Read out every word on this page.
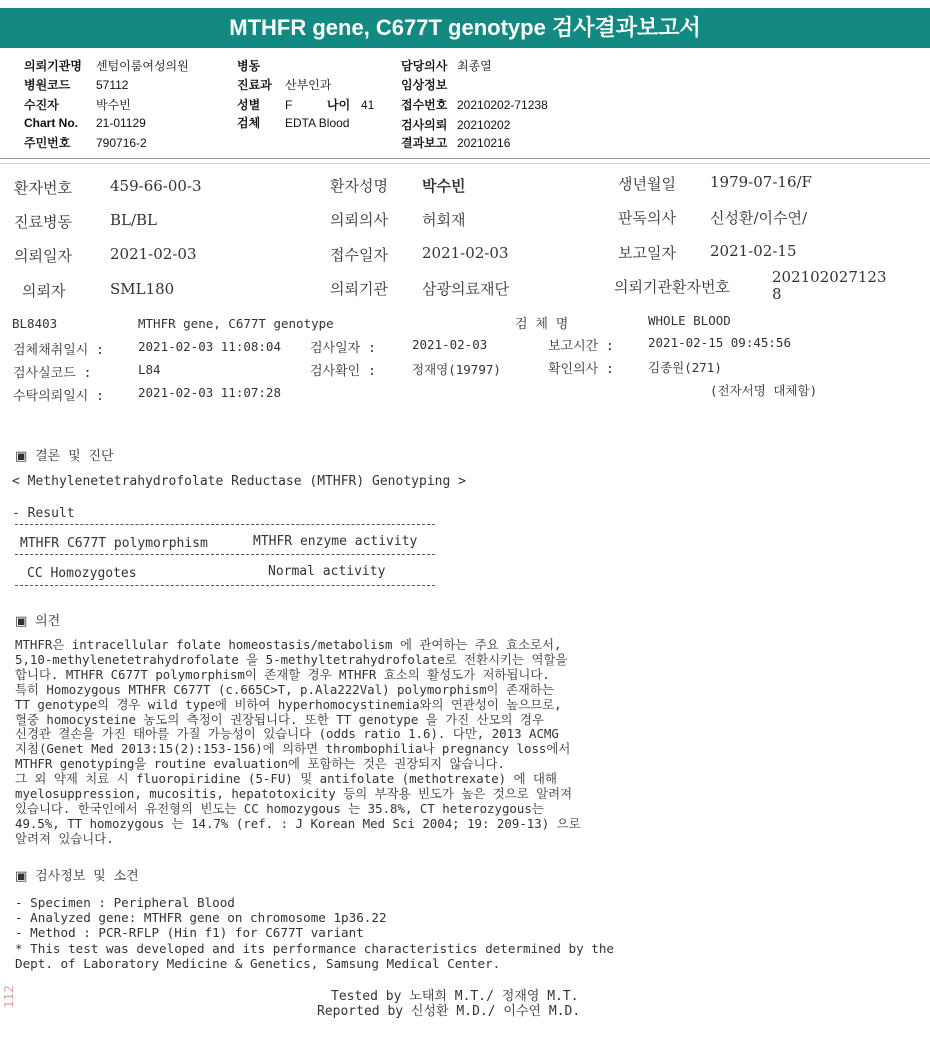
MTHFR gene, C677T genotype 검사결과보고서
의뢰기관명 센텀이룸여성의원
병원코드 57112
수진자	박수빈
Chart No. 21-01129
주민번호 790716-2
병동
진료과 산부인과
성별 F	나이 41
검체 EDTA Blood
담당의사 최종열
임상정보
접수번호 20210202-71238
검사의뢰 20210202
결과보고 20210216
환자번호	459-66-00-3	환자성명 박수빈	생년월일 1979-07-16/F
진료병동	BL/BL	의뢰의사 허회재	판독의사 신성환/이수연/
의뢰일자	2021-02-03	접수일자 2021-02-03	보고일자 2021-02-15
의뢰자	SML180	의뢰기관 삼광의료재단	의뢰기관환자번호
202102027123
8
BL8403	MTHFR gene, C677T genotype	검 체 명	WHOLE BLOOD
검체채취일시 :	2021-02-03 11:08:04 검사일자 :	2021-02-03	보고시간 :	2021-02-15 09:45:56
검사실코드 :	L84	검사확인 :	정재영(19797)	확인의사 :	김종원(271)
수탁의뢰일시 :	2021-02-03 11:07:28	(전자서명 대체함)
▣ 결론 및 진단
< Methylenetetrahydrofolate Reductase (MTHFR) Genotyping >
- Result
MTHFR C677T polymorphism	MTHFR enzyme activity
CC Homozygotes	Normal activity
▣ 의견
MTHFR은 intracellular folate homeostasis/metabolism 에 관여하는 주요 효소로서,
5,10-methylenetetrahydrofolate 을 5-methyltetrahydrofolate로 전환시키는 역할을
합니다. MTHFR C677T polymorphism이 존재할 경우 MTHFR 효소의 활성도가 저하됩니다.
특히 Homozygous MTHFR C677T (c.665C>T, p.Ala222Val) polymorphism이 존재하는
TT genotype의 경우 wild type에 비하여 hyperhomocystinemia와의 연관성이 높으므로,
혈중 homocysteine 농도의 측정이 권장됩니다. 또한 TT genotype 을 가진 산모의 경우
신경관 결손을 가진 태아를 가질 가능성이 있습니다 (odds ratio 1.6). 다만, 2013 ACMG
지침(Genet Med 2013:15(2):153-156)에 의하면 thrombophilia나 pregnancy loss에서
MTHFR genotyping을 routine evaluation에 포함하는 것은 권장되지 않습니다.
그 외 약제 치료 시 fluoropiridine (5-FU) 및 antifolate (methotrexate) 에 대해
myelosuppression, mucositis, hepatotoxicity 등의 부작용 빈도가 높은 것으로 알려져
있습니다. 한국인에서 유전형의 빈도는 CC homozygous 는 35.8%, CT heterozygous는
49.5%, TT homozygous 는 14.7% (ref. : J Korean Med Sci 2004; 19: 209-13) 으로
알려져 있습니다.
▣ 검사정보 및 소견
- Specimen : Peripheral Blood
- Analyzed gene: MTHFR gene on chromosome 1p36.22
- Method : PCR-RFLP (Hin f1) for C677T variant
* This test was developed and its performance characteristics determined by the
Dept. of Laboratory Medicine & Genetics, Samsung Medical Center.
Tested by 노태희 M.T./ 정재영 M.T.
Reported by 신성환 M.D./ 이수연 M.D.
112
